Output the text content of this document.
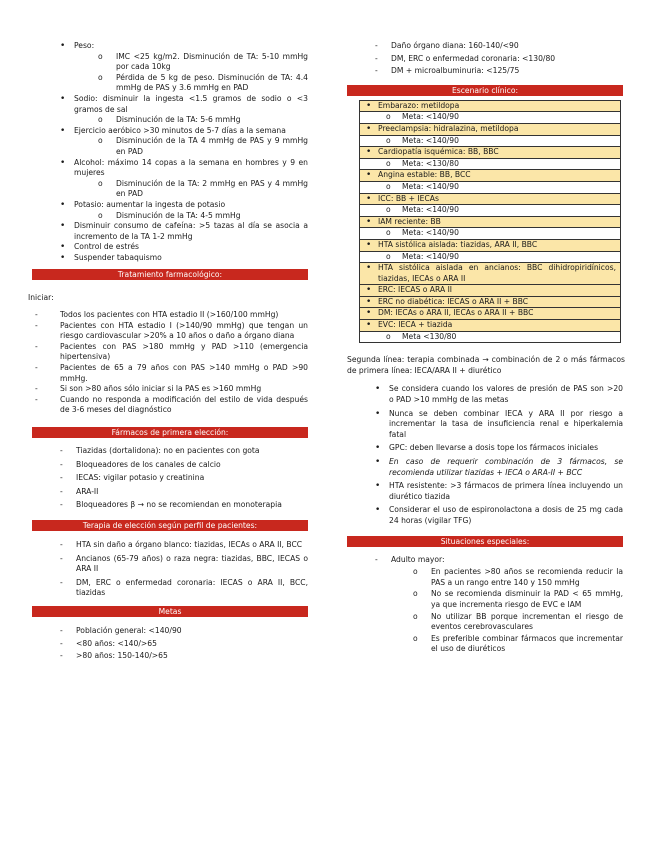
• Peso:
o IMC <25 kg/m2. Disminución de TA: 5-10 mmHg por cada 10kg
o Pérdida de 5 kg de peso. Disminución de TA: 4.4 mmHg de PAS y 3.6 mmHg en PAD
• Sodio: disminuir la ingesta <1.5 gramos de sodio o <3 gramos de sal
o Disminución de la TA: 5-6 mmHg
• Ejercicio aeróbico >30 minutos de 5-7 días a la semana
o Disminución de la TA 4 mmHg de PAS y 9 mmHg en PAD
• Alcohol: máximo 14 copas a la semana en hombres y 9 en mujeres
o Disminución de la TA: 2 mmHg en PAS y 4 mmHg en PAD
• Potasio: aumentar la ingesta de potasio
o Disminución de la TA: 4-5 mmHg
• Disminuir consumo de cafeína: >5 tazas al día se asocia a incremento de la TA 1-2 mmHg
• Control de estrés
• Suspender tabaquismo
Tratamiento farmacológico:
Iniciar:
- Todos los pacientes con HTA estadio II (>160/100 mmHg)
- Pacientes con HTA estadio I (>140/90 mmHg) que tengan un riesgo cardiovascular >20% a 10 años o daño a órgano diana
- Pacientes con PAS >180 mmHg y PAD >110 (emergencia hipertensiva)
- Pacientes de 65 a 79 años con PAS >140 mmHg o PAD >90 mmHg.
- Si son >80 años sólo iniciar si la PAS es >160 mmHg
- Cuando no responda a modificación del estilo de vida después de 3-6 meses del diagnóstico
Fármacos de primera elección:
- Tiazidas (dortalidona): no en pacientes con gota
- Bloqueadores de los canales de calcio
- IECAS: vigilar potasio y creatinina
- ARA-II
- Bloqueadores β → no se recomiendan en monoterapia
Terapia de elección según perfil de pacientes:
- HTA sin daño a órgano blanco: tiazidas, IECAs o ARA II, BCC
- Ancianos (65-79 años) o raza negra: tiazidas, BBC, IECAS o ARA II
- DM, ERC o enfermedad coronaria: IECAS o ARA II, BCC, tiazidas
Metas
- Población general: <140/90
- <80 años: <140/>65
- >80 años: 150-140/>65
- Daño órgano diana: 160-140/<90
- DM, ERC o enfermedad coronaria: <130/80
- DM + microalbuminuria: <125/75
Escenario clínico:
• Embarazo: metildopa

o Meta: <140/90

• Preeclampsia: hidralazina, metildopa

o Meta: <140/90

• Cardiopatía isquémica: BB, BBC

o Meta: <130/80

• Angina estable: BB, BCC

o Meta: <140/90

• ICC: BB + IECAs

o Meta: <140/90

• IAM reciente: BB

o Meta: <140/90

• HTA sistólica aislada: tiazidas, ARA II, BBC

o Meta: <140/90

• HTA sistólica aislada en ancianos: BBC dihidropiridínicos, tiazidas, IECAs o ARA II

• ERC: IECAS o ARA II

• ERC no diabética: IECAS o ARA II + BBC

• DM: IECAs o ARA II, IECAs o ARA II + BBC

• EVC: IECA + tiazida

o Meta <130/80

Segunda línea: terapia combinada → combinación de 2 o más fármacos de primera línea: IECA/ARA II + diurético

• Se considera cuando los valores de presión de PAS son >20 o PAD >10 mmHg de las metas
• Nunca se deben combinar IECA y ARA II por riesgo a incrementar la tasa de insuficiencia renal e hiperkalemia fatal
• GPC: deben llevarse a dosis tope los fármacos iniciales
• En caso de requerir combinación de 3 fármacos, se recomienda utilizar tiazidas + IECA o ARA-II + BCC
• HTA resistente: >3 fármacos de primera línea incluyendo un diurético tiazida
• Considerar el uso de espironolactona a dosis de 25 mg cada 24 horas (vigilar TFG)
Situaciones especiales:
- Adulto mayor:
o En pacientes >80 años se recomienda reducir la PAS a un rango entre 140 y 150 mmHg
o No se recomienda disminuir la PAD < 65 mmHg, ya que incrementa riesgo de EVC e IAM
o No utilizar BB porque incrementan el riesgo de eventos cerebrovasculares
o Es preferible combinar fármacos que incrementar el uso de diuréticos
